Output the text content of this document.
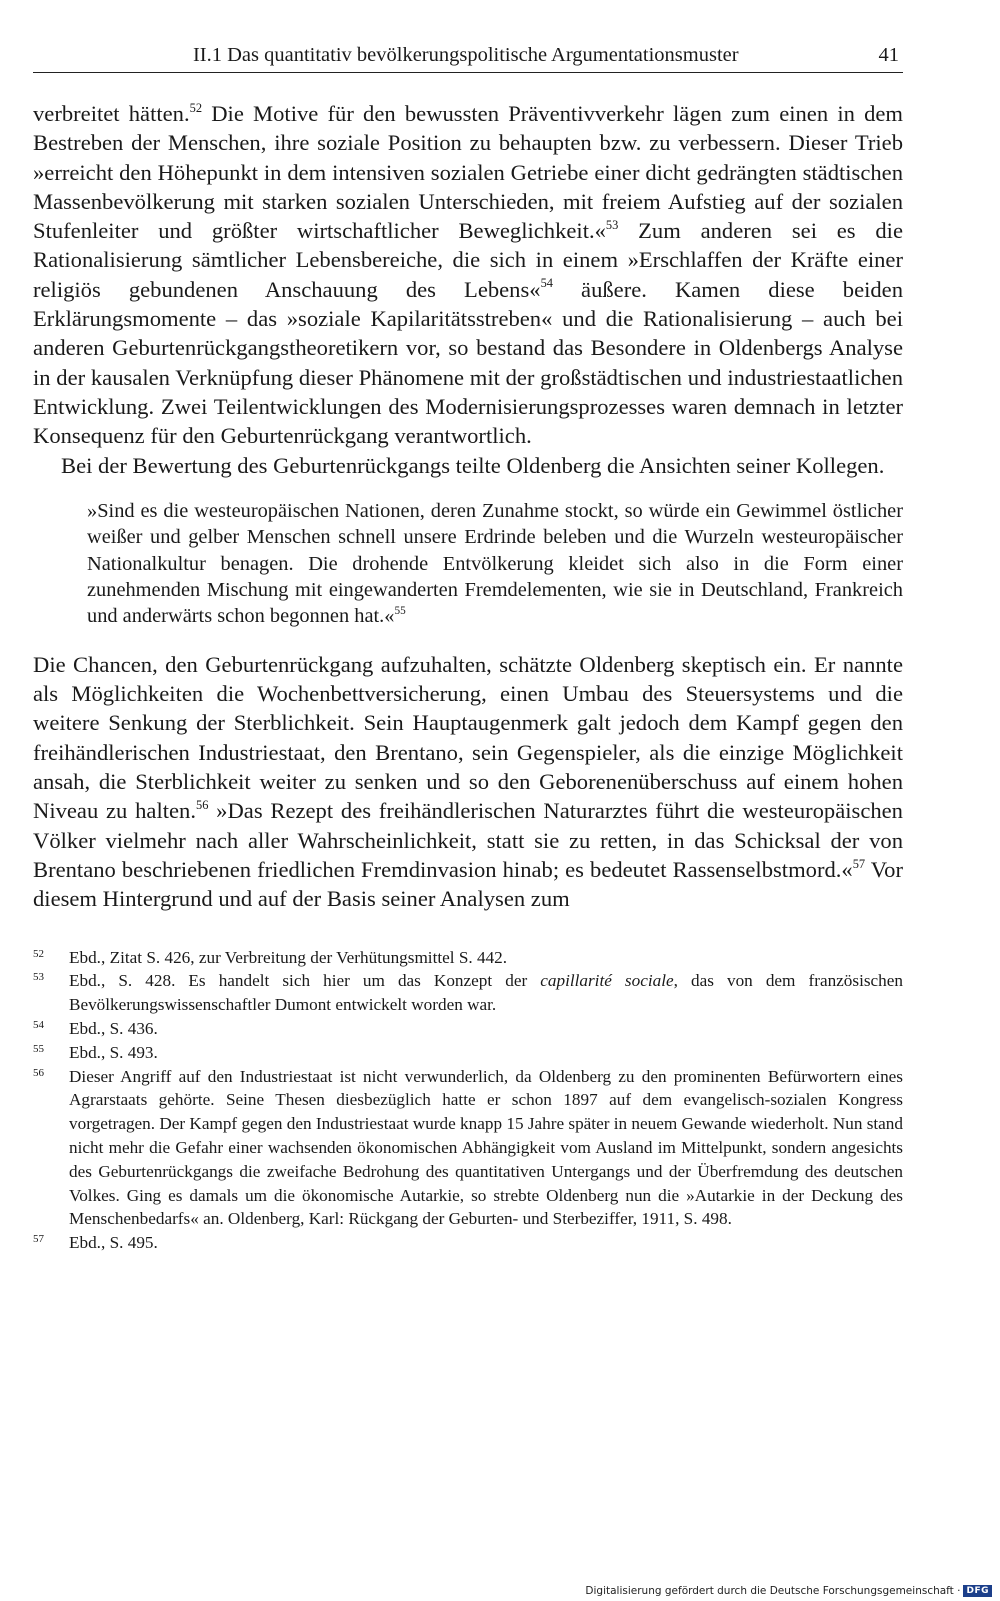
II.1 Das quantitativ bevölkerungspolitische Argumentationsmuster	41

verbreitet hätten.$^{52}$ Die Motive für den bewussten Präventivverkehr lägen zum einen in dem Bestreben der Menschen, ihre soziale Position zu behaupten bzw. zu verbessern. Dieser Trieb »erreicht den Höhepunkt in dem intensiven sozialen Getriebe einer dicht gedrängten städtischen Massenbevölkerung mit starken sozialen Unterschieden, mit freiem Aufstieg auf der sozialen Stufenleiter und größter wirtschaftlicher Beweglichkeit.«$^{53}$ Zum anderen sei es die Rationalisierung sämtlicher Lebensbereiche, die sich in einem »Erschlaffen der Kräfte einer religiös gebundenen Anschauung des Lebens«$^{54}$ äußere. Kamen diese beiden Erklärungsmomente – das »soziale Kapilaritätsstreben« und die Rationalisierung – auch bei anderen Geburtenrückgangstheoretikern vor, so bestand das Besondere in Oldenbergs Analyse in der kausalen Verknüpfung dieser Phänomene mit der großstädtischen und industriestaatlichen Entwicklung. Zwei Teilentwicklungen des Modernisierungsprozesses waren demnach in letzter Konsequenz für den Geburtenrückgang verantwortlich.

Bei der Bewertung des Geburtenrückgangs teilte Oldenberg die Ansichten seiner Kollegen.

»Sind es die westeuropäischen Nationen, deren Zunahme stockt, so würde ein Gewimmel östlicher weißer und gelber Menschen schnell unsere Erdrinde beleben und die Wurzeln westeuropäischer Nationalkultur benagen. Die drohende Entvölkerung kleidet sich also in die Form einer zunehmenden Mischung mit eingewanderten Fremdelementen, wie sie in Deutschland, Frankreich und anderwärts schon begonnen hat.«$^{55}$

Die Chancen, den Geburtenrückgang aufzuhalten, schätzte Oldenberg skeptisch ein. Er nannte als Möglichkeiten die Wochenbettversicherung, einen Umbau des Steuersystems und die weitere Senkung der Sterblichkeit. Sein Hauptaugenmerk galt jedoch dem Kampf gegen den freihändlerischen Industriestaat, den Brentano, sein Gegenspieler, als die einzige Möglichkeit ansah, die Sterblichkeit weiter zu senken und so den Geborenenüberschuss auf einem hohen Niveau zu halten.$^{56}$ »Das Rezept des freihändlerischen Naturarztes führt die westeuropäischen Völker vielmehr nach aller Wahrscheinlichkeit, statt sie zu retten, in das Schicksal der von Brentano beschriebenen friedlichen Fremdinvasion hinab; es bedeutet Rassenselbstmord.«$^{57}$ Vor diesem Hintergrund und auf der Basis seiner Analysen zum

52	Ebd., Zitat S. 426, zur Verbreitung der Verhütungsmittel S. 442.
53	Ebd., S. 428. Es handelt sich hier um das Konzept der capillarité sociale, das von dem französischen Bevölkerungswissenschaftler Dumont entwickelt worden war.
54	Ebd., S. 436.
55	Ebd., S. 493.
56	Dieser Angriff auf den Industriestaat ist nicht verwunderlich, da Oldenberg zu den prominenten Befürwortern eines Agrarstaats gehörte. Seine Thesen diesbezüglich hatte er schon 1897 auf dem evangelisch-sozialen Kongress vorgetragen. Der Kampf gegen den Industriestaat wurde knapp 15 Jahre später in neuem Gewande wiederholt. Nun stand nicht mehr die Gefahr einer wachsenden ökonomischen Abhängigkeit vom Ausland im Mittelpunkt, sondern angesichts des Geburtenrückgangs die zweifache Bedrohung des quantitativen Untergangs und der Überfremdung des deutschen Volkes. Ging es damals um die ökonomische Autarkie, so strebte Oldenberg nun die »Autarkie in der Deckung des Menschenbedarfs« an. Oldenberg, Karl: Rückgang der Geburten- und Sterbeziffer, 1911, S. 498.
57	Ebd., S. 495.
Digitalisierung gefördert durch die Deutsche Forschungsgemeinschaft · DFG
